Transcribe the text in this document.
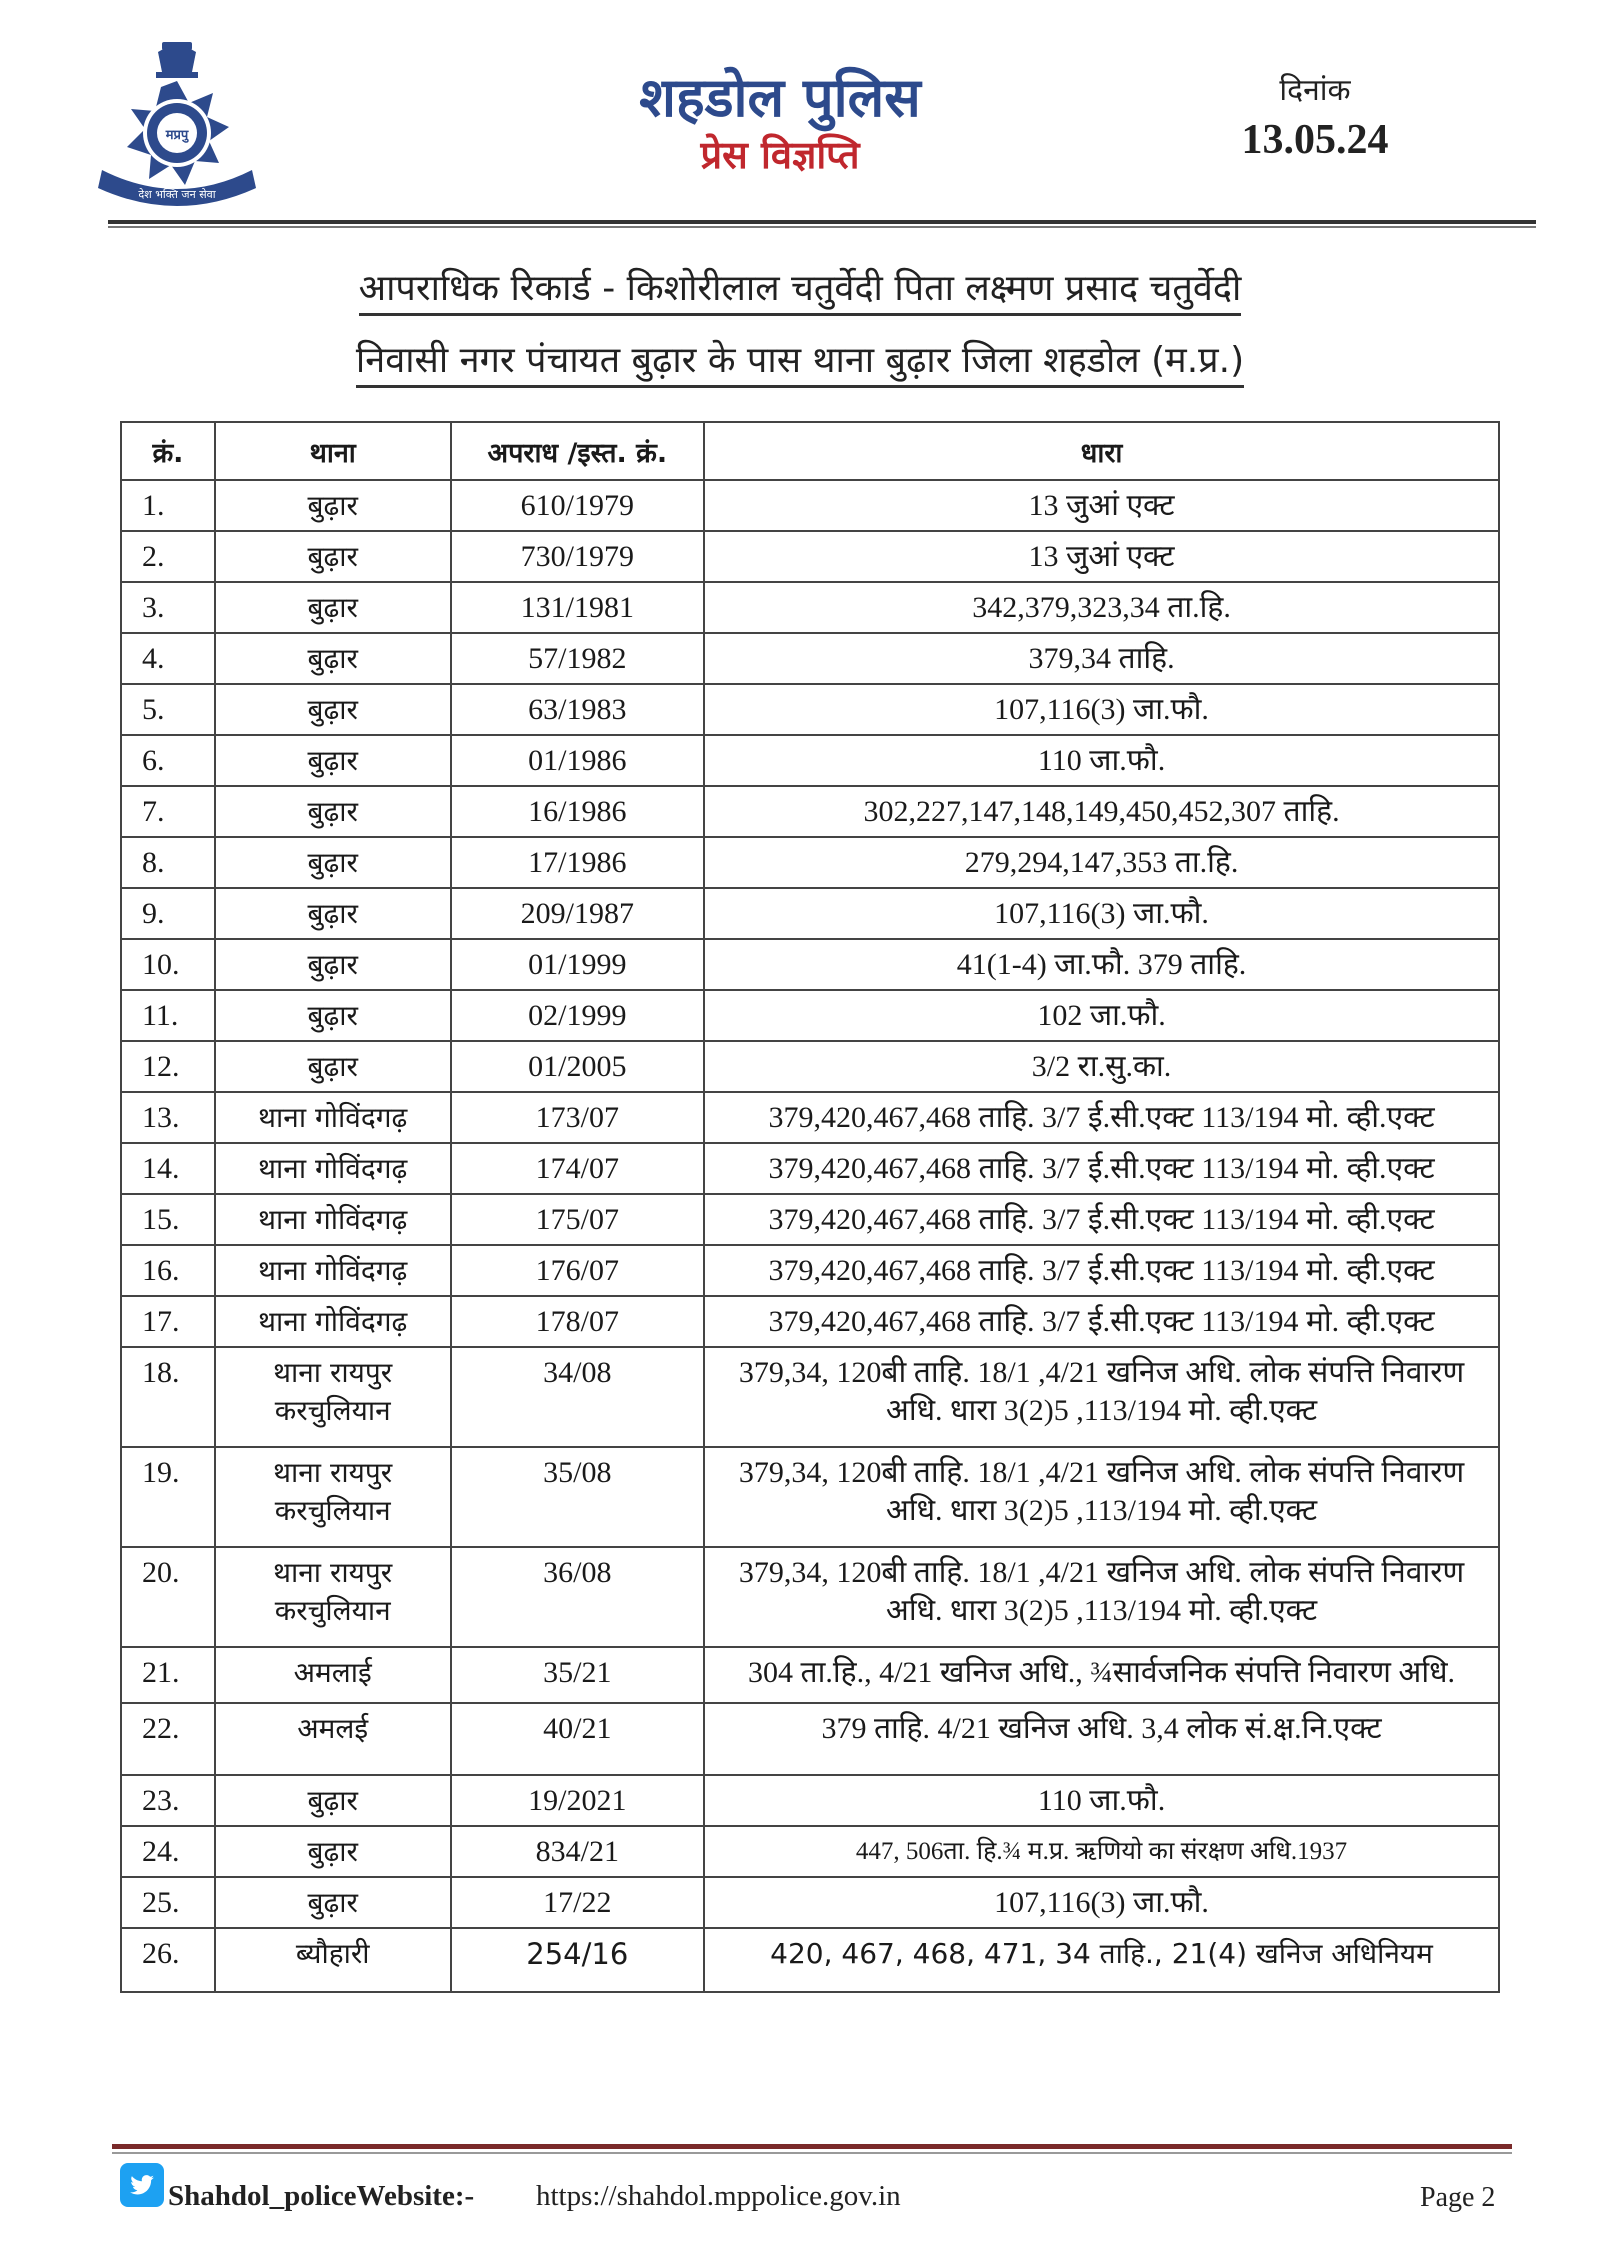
मप्रपु
देश भक्ति जन सेवा
शहडोल पुलिस
प्रेस विज्ञप्ति
दिनांक
13.05.24
आपराधिक रिकार्ड - किशोरीलाल चतुर्वेदी पिता लक्ष्मण प्रसाद चतुर्वेदी
निवासी नगर पंचायत बुढ़ार के पास थाना बुढ़ार जिला शहडोल (म.प्र.)
क्रं.	थाना	अपराध /इस्त. क्रं.	धारा
1.	बुढ़ार	610/1979	13 जुआं एक्ट
2.	बुढ़ार	730/1979	13 जुआं एक्ट
3.	बुढ़ार	131/1981	342,379,323,34 ता.हि.
4.	बुढ़ार	57/1982	379,34 ताहि.
5.	बुढ़ार	63/1983	107,116(3) जा.फौ.
6.	बुढ़ार	01/1986	110 जा.फौ.
7.	बुढ़ार	16/1986	302,227,147,148,149,450,452,307 ताहि.
8.	बुढ़ार	17/1986	279,294,147,353 ता.हि.
9.	बुढ़ार	209/1987	107,116(3) जा.फौ.
10.	बुढ़ार	01/1999	41(1-4) जा.फौ. 379 ताहि.
11.	बुढ़ार	02/1999	102 जा.फौ.
12.	बुढ़ार	01/2005	3/2 रा.सु.का.
13.	थाना गोविंदगढ़	173/07	379,420,467,468 ताहि. 3/7 ई.सी.एक्ट 113/194 मो. व्ही.एक्ट
14.	थाना गोविंदगढ़	174/07	379,420,467,468 ताहि. 3/7 ई.सी.एक्ट 113/194 मो. व्ही.एक्ट
15.	थाना गोविंदगढ़	175/07	379,420,467,468 ताहि. 3/7 ई.सी.एक्ट 113/194 मो. व्ही.एक्ट
16.	थाना गोविंदगढ़	176/07	379,420,467,468 ताहि. 3/7 ई.सी.एक्ट 113/194 मो. व्ही.एक्ट
17.	थाना गोविंदगढ़	178/07	379,420,467,468 ताहि. 3/7 ई.सी.एक्ट 113/194 मो. व्ही.एक्ट
18.	थाना रायपुर करचुलियान	34/08	379,34, 120बी ताहि. 18/1 ,4/21 खनिज अधि. लोक संपत्ति निवारण अधि. धारा 3(2)5 ,113/194 मो. व्ही.एक्ट
19.	थाना रायपुर करचुलियान	35/08	379,34, 120बी ताहि. 18/1 ,4/21 खनिज अधि. लोक संपत्ति निवारण अधि. धारा 3(2)5 ,113/194 मो. व्ही.एक्ट
20.	थाना रायपुर करचुलियान	36/08	379,34, 120बी ताहि. 18/1 ,4/21 खनिज अधि. लोक संपत्ति निवारण अधि. धारा 3(2)5 ,113/194 मो. व्ही.एक्ट
21.	अमलाई	35/21	304 ता.हि., 4/21 खनिज अधि., ¾सार्वजनिक संपत्ति निवारण अधि.
22.	अमलई	40/21	379 ताहि. 4/21 खनिज अधि. 3,4 लोक सं.क्ष.नि.एक्ट
23.	बुढ़ार	19/2021	110 जा.फौ.
24.	बुढ़ार	834/21	447, 506ता. हि.¾ म.प्र. ऋणियो का संरक्षण अधि.1937
25.	बुढ़ार	17/22	107,116(3) जा.फौ.
26.	ब्यौहारी	254/16	420, 467, 468, 471, 34 ताहि., 21(4) खनिज अधिनियम
Shahdol_policeWebsite:- https://shahdol.mppolice.gov.in	Page 2
